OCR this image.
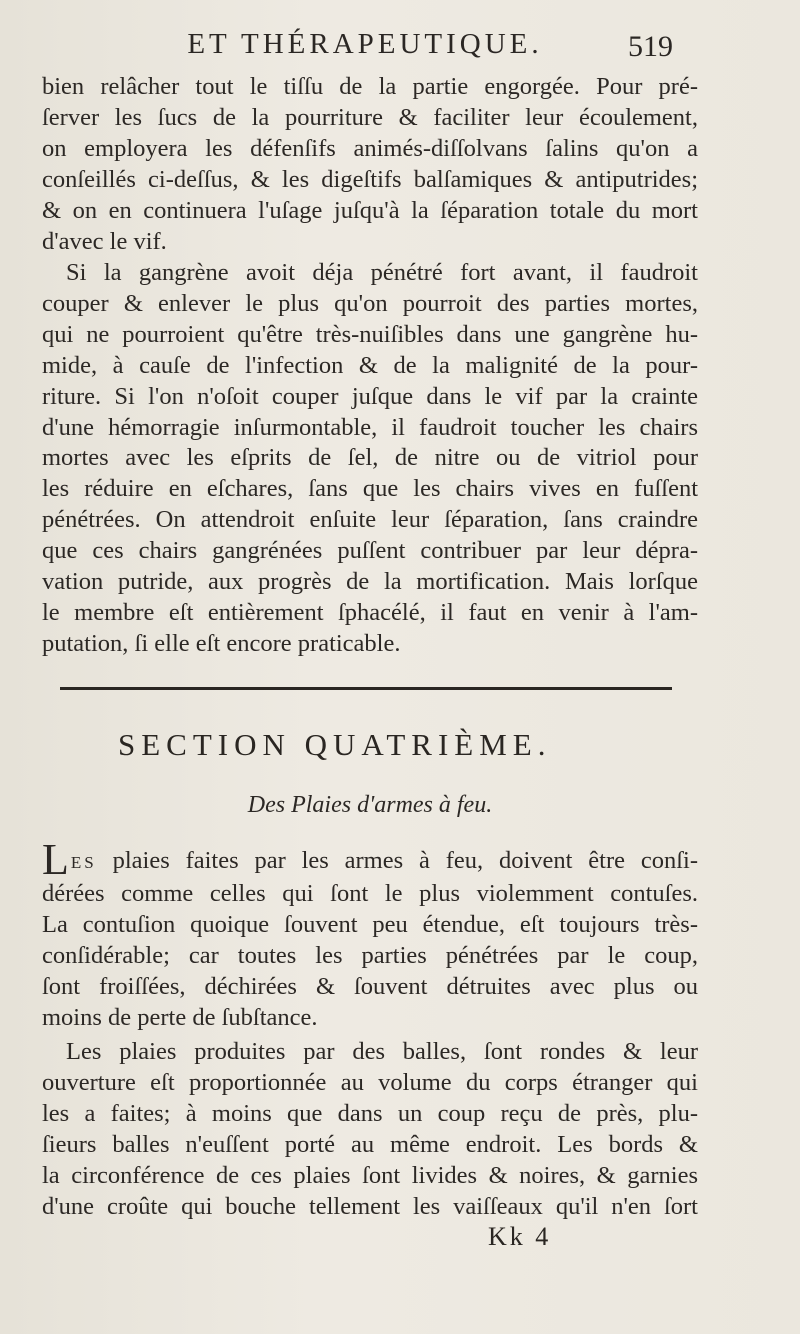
ET THÉRAPEUTIQUE.	519
bien relâcher tout le tiſſu de la partie engorgée. Pour pré-
ſerver les ſucs de la pourriture & faciliter leur écoulement,
on employera les défenſifs animés-diſſolvans ſalins qu'on a
conſeillés ci-deſſus, & les digeſtifs balſamiques & antiputrides;
& on en continuera l'uſage juſqu'à la ſéparation totale du mort
d'avec le vif.
Si la gangrène avoit déja pénétré fort avant, il faudroit
couper & enlever le plus qu'on pourroit des parties mortes,
qui ne pourroient qu'être très-nuiſibles dans une gangrène hu-
mide, à cauſe de l'infection & de la malignité de la pour-
riture. Si l'on n'oſoit couper juſque dans le vif par la crainte
d'une hémorragie inſurmontable, il faudroit toucher les chairs
mortes avec les eſprits de ſel, de nitre ou de vitriol pour
les réduire en eſchares, ſans que les chairs vives en fuſſent
pénétrées. On attendroit enſuite leur ſéparation, ſans craindre
que ces chairs gangrénées puſſent contribuer par leur dépra-
vation putride, aux progrès de la mortification. Mais lorſque
le membre eſt entièrement ſphacélé, il faut en venir à l'am-
putation, ſi elle eſt encore praticable.
SECTION QUATRIÈME.
Des Plaies d'armes à feu.
LES plaies faites par les armes à feu, doivent être conſi-
dérées comme celles qui ſont le plus violemment contuſes.
La contuſion quoique ſouvent peu étendue, eſt toujours très-
conſidérable; car toutes les parties pénétrées par le coup,
ſont froiſſées, déchirées & ſouvent détruites avec plus ou
moins de perte de ſubſtance.
Les plaies produites par des balles, ſont rondes & leur
ouverture eſt proportionnée au volume du corps étranger qui
les a faites; à moins que dans un coup reçu de près, plu-
ſieurs balles n'euſſent porté au même endroit. Les bords &
la circonférence de ces plaies ſont livides & noires, & garnies
d'une croûte qui bouche tellement les vaiſſeaux qu'il n'en ſort
Kk 4
